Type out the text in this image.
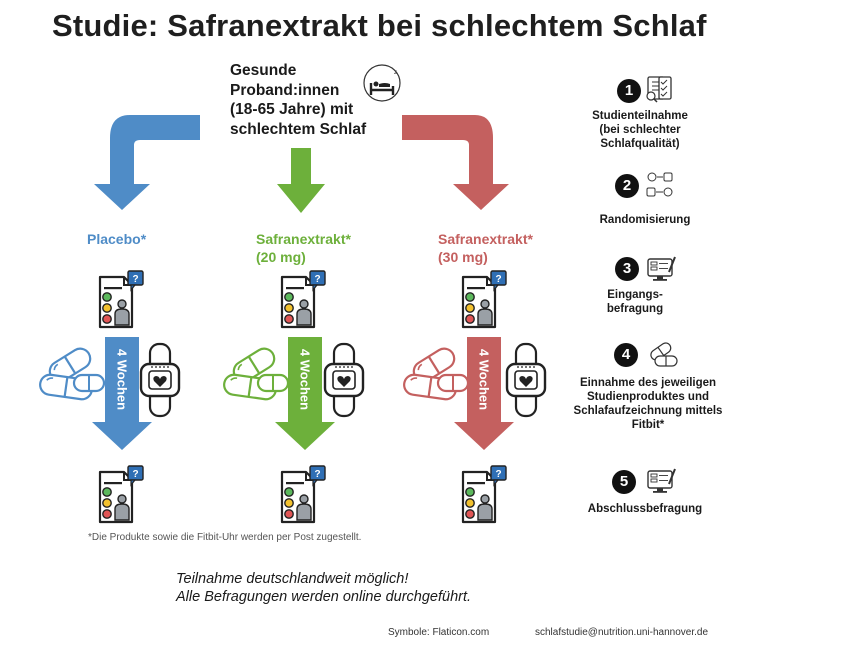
Studie: Safranextrakt bei schlechtem Schlaf
Gesunde
Proband:innen
(18-65 Jahre) mit
schlechtem Schlaf
?
z
Placebo*	Safranextrakt*
(20 mg)
Safranextrakt*
(30 mg)
4 Wochen	4 Wochen	4 Wochen
1
2
3
4
5
Studienteilnahme
(bei schlechter
Schlafqualität)
Randomisierung
Eingangs-
befragung
Einnahme des jeweiligen
Studienproduktes und
Schlafaufzeichnung mittels
Fitbit*
Abschlussbefragung
*Die Produkte sowie die Fitbit-Uhr werden per Post zugestellt.
Teilnahme deutschlandweit möglich!
Alle Befragungen werden online durchgeführt.
Symbole: Flaticon.com	schlafstudie@nutrition.uni-hannover.de
